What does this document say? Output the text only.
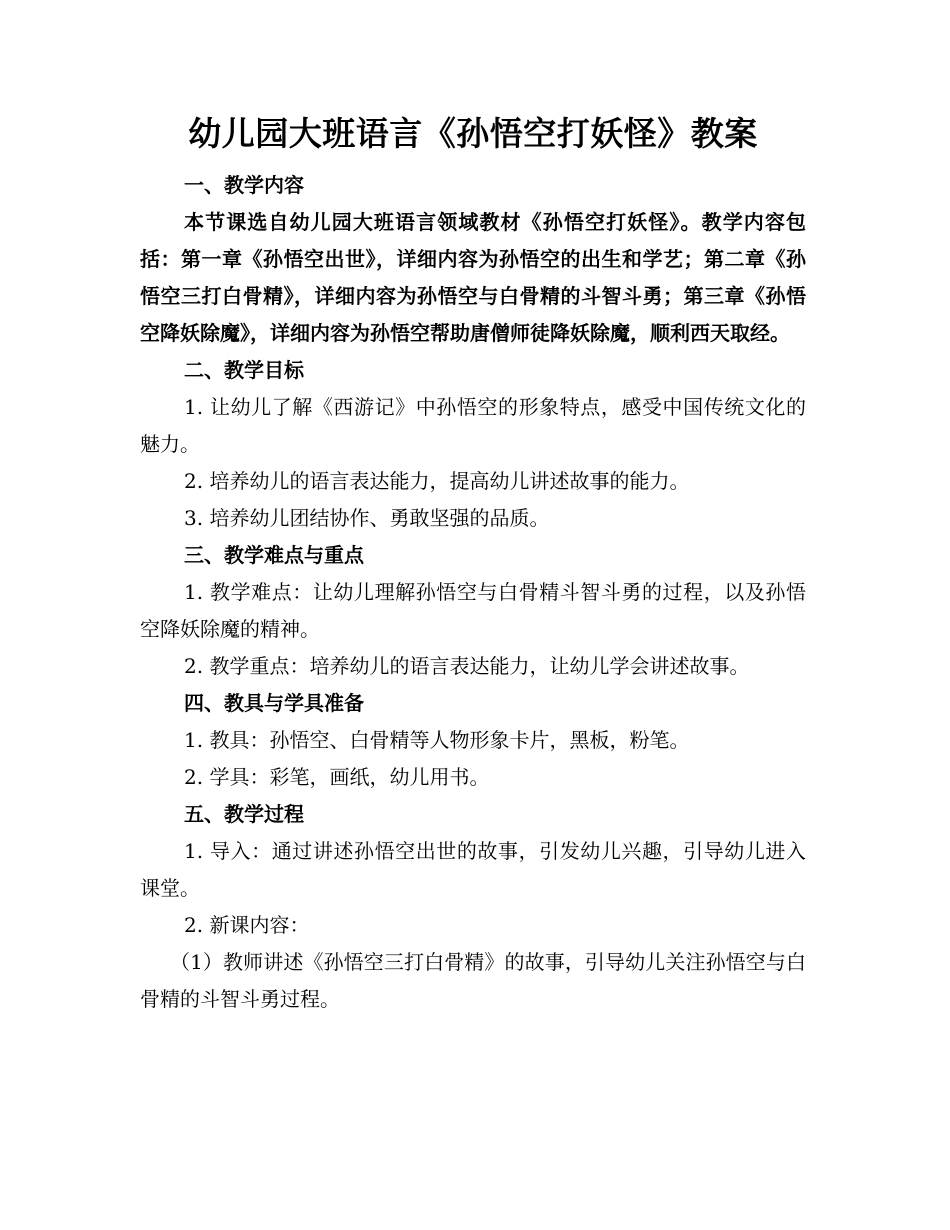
幼儿园大班语言《孙悟空打妖怪》教案

一、教学内容

本节课选自幼儿园大班语言领域教材《孙悟空打妖怪》。教学内容包括：第一章《孙悟空出世》，详细内容为孙悟空的出生和学艺；第二章《孙悟空三打白骨精》，详细内容为孙悟空与白骨精的斗智斗勇；第三章《孙悟空降妖除魔》，详细内容为孙悟空帮助唐僧师徒降妖除魔，顺利西天取经。

二、教学目标

1. 让幼儿了解《西游记》中孙悟空的形象特点，感受中国传统文化的魅力。

2. 培养幼儿的语言表达能力，提高幼儿讲述故事的能力。

3. 培养幼儿团结协作、勇敢坚强的品质。

三、教学难点与重点

1. 教学难点：让幼儿理解孙悟空与白骨精斗智斗勇的过程，以及孙悟空降妖除魔的精神。

2. 教学重点：培养幼儿的语言表达能力，让幼儿学会讲述故事。

四、教具与学具准备

1. 教具：孙悟空、白骨精等人物形象卡片，黑板，粉笔。

2. 学具：彩笔，画纸，幼儿用书。

五、教学过程

1. 导入：通过讲述孙悟空出世的故事，引发幼儿兴趣，引导幼儿进入课堂。

2. 新课内容：

（1）教师讲述《孙悟空三打白骨精》的故事，引导幼儿关注孙悟空与白骨精的斗智斗勇过程。
